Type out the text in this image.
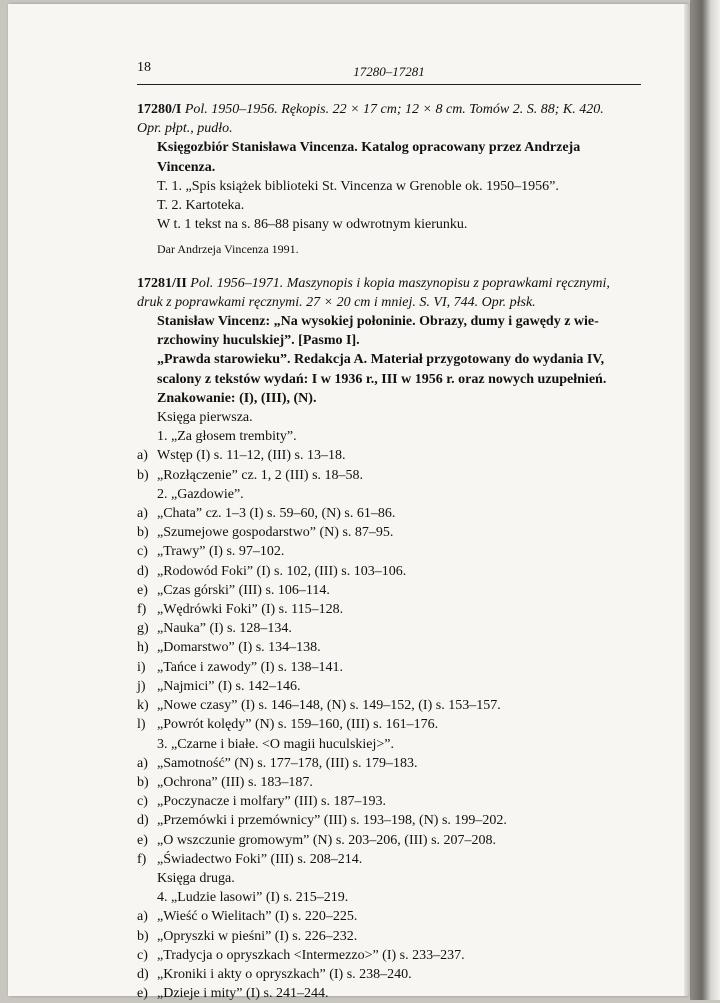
18	17280–17281

17280/I Pol. 1950–1956. Rękopis. 22 × 17 cm; 12 × 8 cm. Tomów 2. S. 88; K. 420.

Opr. płpt., pudło.

Księgozbiór Stanisława Vincenza. Katalog opracowany przez Andrzeja

Vincenza.

T. 1. „Spis książek biblioteki St. Vincenza w Grenoble ok. 1950–1956”.

T. 2. Kartoteka.

W t. 1 tekst na s. 86–88 pisany w odwrotnym kierunku.

Dar Andrzeja Vincenza 1991.

17281/II Pol. 1956–1971. Maszynopis i kopia maszynopisu z poprawkami ręcznymi,

druk z poprawkami ręcznymi. 27 × 20 cm i mniej. S. VI, 744. Opr. płsk.

Stanisław Vincenz: „Na wysokiej połoninie. Obrazy, dumy i gawędy z wie-

rzchowiny huculskiej”. [Pasmo I].

„Prawda starowieku”. Redakcja A. Materiał przygotowany do wydania IV,

scalony z tekstów wydań: I w 1936 r., III w 1956 r. oraz nowych uzupełnień.

Znakowanie: (I), (III), (N).

Księga pierwsza.

1. „Za głosem trembity”.

a) Wstęp (I) s. 11–12, (III) s. 13–18.

b) „Rozłączenie” cz. 1, 2 (III) s. 18–58.

2. „Gazdowie”.

a) „Chata” cz. 1–3 (I) s. 59–60, (N) s. 61–86.

b) „Szumejowe gospodarstwo” (N) s. 87–95.

c) „Trawy” (I) s. 97–102.

d) „Rodowód Foki” (I) s. 102, (III) s. 103–106.

e) „Czas górski” (III) s. 106–114.

f) „Wędrówki Foki” (I) s. 115–128.

g) „Nauka” (I) s. 128–134.

h) „Domarstwo” (I) s. 134–138.

i) „Tańce i zawody” (I) s. 138–141.

j) „Najmici” (I) s. 142–146.

k) „Nowe czasy” (I) s. 146–148, (N) s. 149–152, (I) s. 153–157.

l) „Powrót kolędy” (N) s. 159–160, (III) s. 161–176.

3. „Czarne i białe. <O magii huculskiej>”.

a) „Samotność” (N) s. 177–178, (III) s. 179–183.

b) „Ochrona” (III) s. 183–187.

c) „Poczynacze i molfary” (III) s. 187–193.

d) „Przemówki i przemównicy” (III) s. 193–198, (N) s. 199–202.

e) „O wszczunie gromowym” (N) s. 203–206, (III) s. 207–208.

f) „Świadectwo Foki” (III) s. 208–214.

Księga druga.

4. „Ludzie lasowi” (I) s. 215–219.

a) „Wieść o Wielitach” (I) s. 220–225.

b) „Opryszki w pieśni” (I) s. 226–232.

c) „Tradycja o opryszkach <Intermezzo>” (I) s. 233–237.

d) „Kroniki i akty o opryszkach” (I) s. 238–240.

e) „Dzieje i mity” (I) s. 241–244.
